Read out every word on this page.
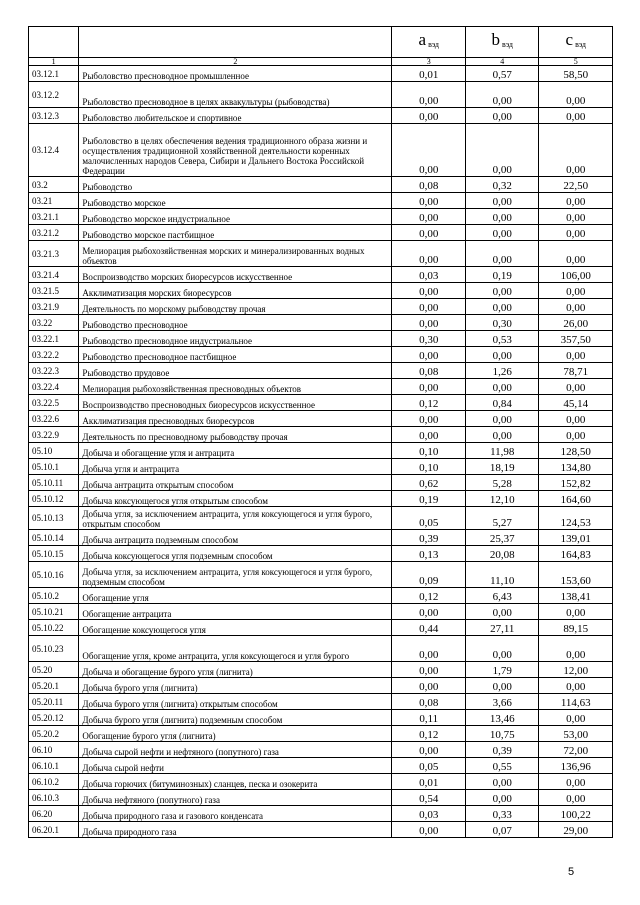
		a $_{вэд}$	b $_{вэд}$	c $_{вэд}$
1	2	3	4	5
03.12.1	Рыболовство пресноводное промышленное	0,01	0,57	58,50
03.12.2	Рыболовство пресноводное в целях аквакультуры (рыбоводства)	0,00	0,00	0,00
03.12.3	Рыболовство любительское и спортивное	0,00	0,00	0,00
03.12.4	Рыболовство в целях обеспечения ведения традиционного образа жизни и осуществления традиционной хозяйственной деятельности коренных малочисленных народов Севера, Сибири и Дальнего Востока Российской Федерации	0,00	0,00	0,00
03.2	Рыбоводство	0,08	0,32	22,50
03.21	Рыбоводство морское	0,00	0,00	0,00
03.21.1	Рыбоводство морское индустриальное	0,00	0,00	0,00
03.21.2	Рыбоводство морское пастбищное	0,00	0,00	0,00
03.21.3	Мелиорация рыбохозяйственная морских и минерализированных водных объектов	0,00	0,00	0,00
03.21.4	Воспроизводство морских биоресурсов искусственное	0,03	0,19	106,00
03.21.5	Акклиматизация морских биоресурсов	0,00	0,00	0,00
03.21.9	Деятельность по морскому рыбоводству прочая	0,00	0,00	0,00
03.22	Рыбоводство пресноводное	0,00	0,30	26,00
03.22.1	Рыбоводство пресноводное индустриальное	0,30	0,53	357,50
03.22.2	Рыбоводство пресноводное пастбищное	0,00	0,00	0,00
03.22.3	Рыбоводство прудовое	0,08	1,26	78,71
03.22.4	Мелиорация рыбохозяйственная пресноводных объектов	0,00	0,00	0,00
03.22.5	Воспроизводство пресноводных биоресурсов искусственное	0,12	0,84	45,14
03.22.6	Акклиматизация пресноводных биоресурсов	0,00	0,00	0,00
03.22.9	Деятельность по пресноводному рыбоводству прочая	0,00	0,00	0,00
05.10	Добыча и обогащение угля и антрацита	0,10	11,98	128,50
05.10.1	Добыча угля и антрацита	0,10	18,19	134,80
05.10.11	Добыча антрацита открытым способом	0,62	5,28	152,82
05.10.12	Добыча коксующегося угля открытым способом	0,19	12,10	164,60
05.10.13	Добыча угля, за исключением антрацита, угля коксующегося и угля бурого, открытым способом	0,05	5,27	124,53
05.10.14	Добыча антрацита подземным способом	0,39	25,37	139,01
05.10.15	Добыча коксующегося угля подземным способом	0,13	20,08	164,83
05.10.16	Добыча угля, за исключением антрацита, угля коксующегося и угля бурого, подземным способом	0,09	11,10	153,60
05.10.2	Обогащение угля	0,12	6,43	138,41
05.10.21	Обогащение антрацита	0,00	0,00	0,00
05.10.22	Обогащение коксующегося угля	0,44	27,11	89,15
05.10.23	Обогащение угля, кроме антрацита, угля коксующегося и угля бурого	0,00	0,00	0,00
05.20	Добыча и обогащение бурого угля (лигнита)	0,00	1,79	12,00
05.20.1	Добыча бурого угля (лигнита)	0,00	0,00	0,00
05.20.11	Добыча бурого угля (лигнита) открытым способом	0,08	3,66	114,63
05.20.12	Добыча бурого угля (лигнита) подземным способом	0,11	13,46	0,00
05.20.2	Обогащение бурого угля (лигнита)	0,12	10,75	53,00
06.10	Добыча сырой нефти и нефтяного (попутного) газа	0,00	0,39	72,00
06.10.1	Добыча сырой нефти	0,05	0,55	136,96
06.10.2	Добыча горючих (битуминозных) сланцев, песка и озокерита	0,01	0,00	0,00
06.10.3	Добыча нефтяного (попутного) газа	0,54	0,00	0,00
06.20	Добыча природного газа и газового конденсата	0,03	0,33	100,22
06.20.1	Добыча природного газа	0,00	0,07	29,00
5
